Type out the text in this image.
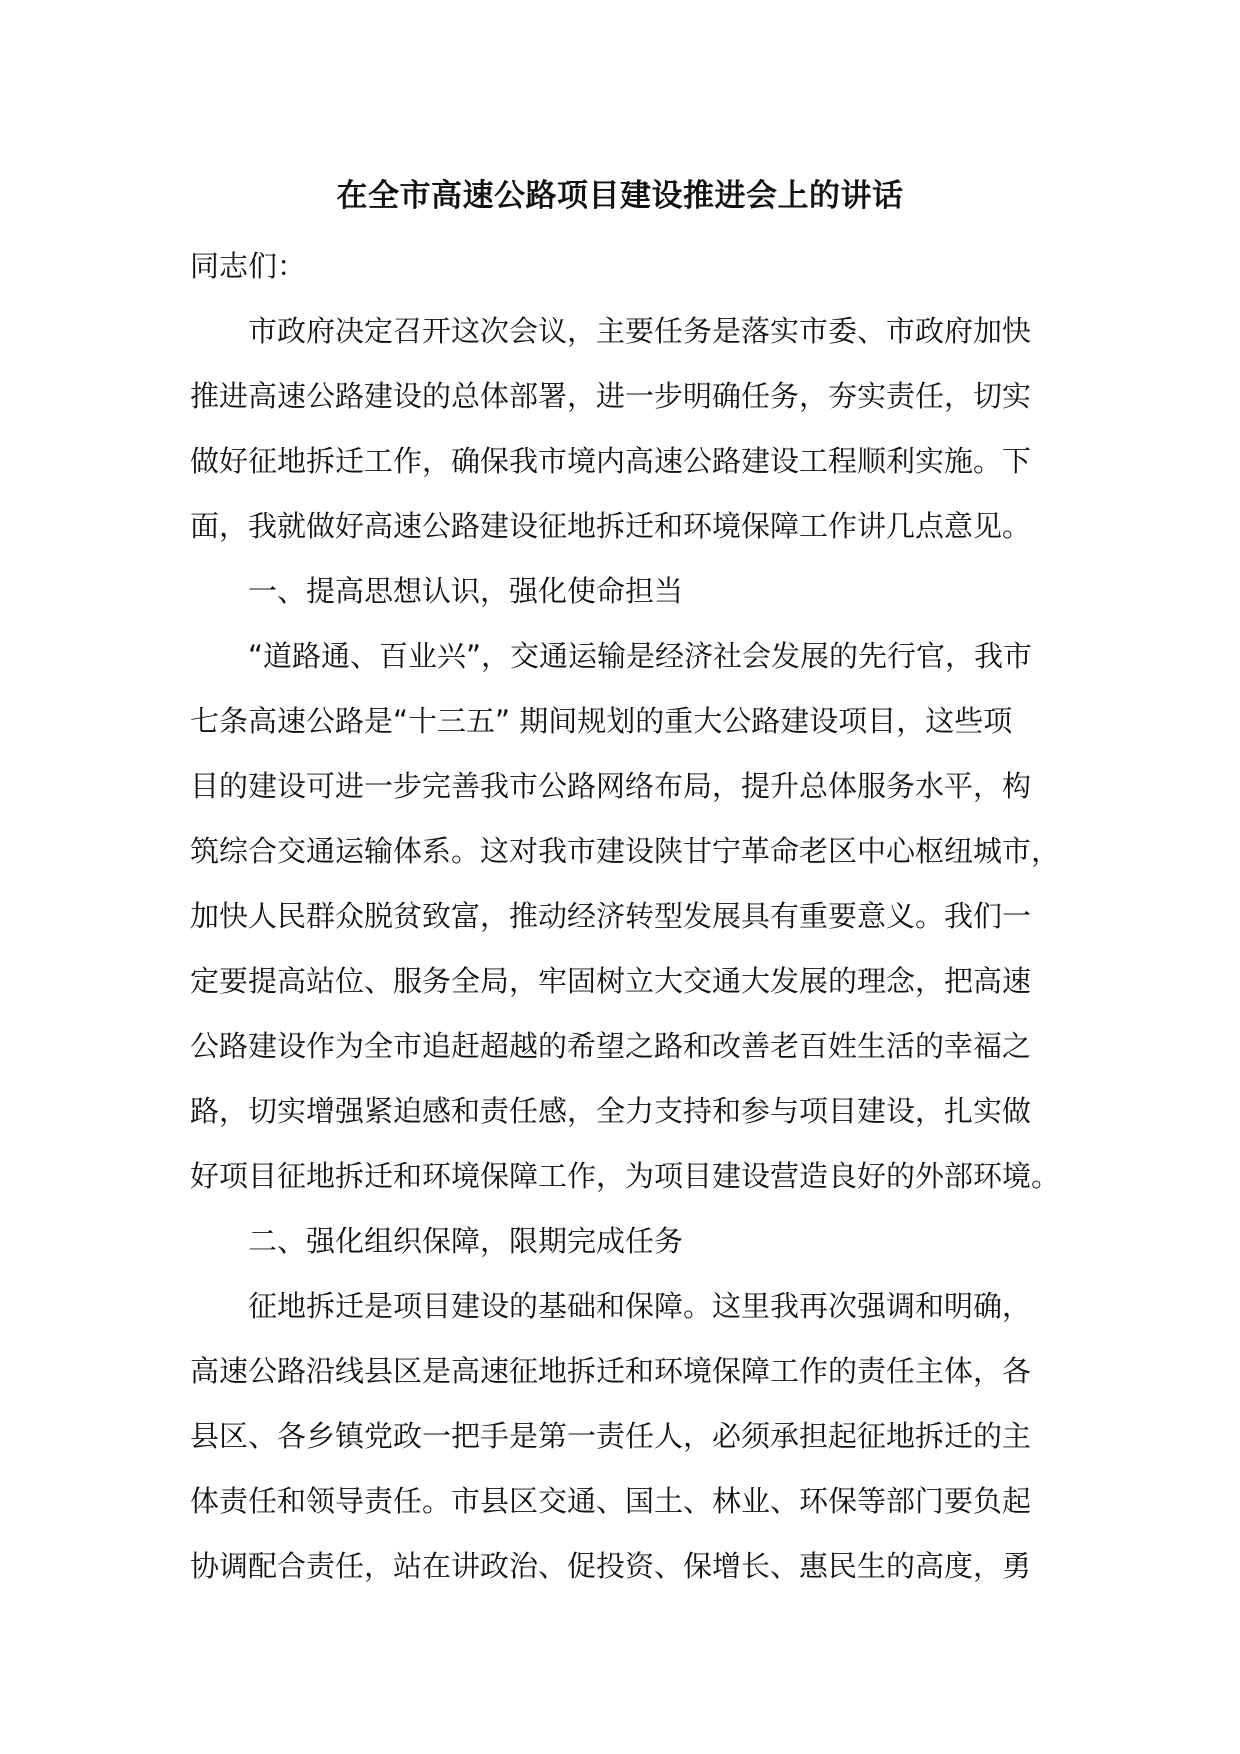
在全市高速公路项目建设推进会上的讲话

同志们：

市政府决定召开这次会议，主要任务是落实市委、市政府加快

推进高速公路建设的总体部署，进一步明确任务，夯实责任，切实

做好征地拆迁工作，确保我市境内高速公路建设工程顺利实施。下

面，我就做好高速公路建设征地拆迁和环境保障工作讲几点意见。

一、提高思想认识，强化使命担当

“道路通、百业兴”，交通运输是经济社会发展的先行官，我市

七条高速公路是“十三五” 期间规划的重大公路建设项目，这些项

目的建设可进一步完善我市公路网络布局，提升总体服务水平，构

筑综合交通运输体系。这对我市建设陕甘宁革命老区中心枢纽城市，

加快人民群众脱贫致富，推动经济转型发展具有重要意义。我们一

定要提高站位、服务全局，牢固树立大交通大发展的理念，把高速

公路建设作为全市追赶超越的希望之路和改善老百姓生活的幸福之

路，切实增强紧迫感和责任感，全力支持和参与项目建设，扎实做

好项目征地拆迁和环境保障工作，为项目建设营造良好的外部环境。

二、强化组织保障，限期完成任务

征地拆迁是项目建设的基础和保障。这里我再次强调和明确，

高速公路沿线县区是高速征地拆迁和环境保障工作的责任主体，各

县区、各乡镇党政一把手是第一责任人，必须承担起征地拆迁的主

体责任和领导责任。市县区交通、国土、林业、环保等部门要负起

协调配合责任，站在讲政治、促投资、保增长、惠民生的高度，勇
